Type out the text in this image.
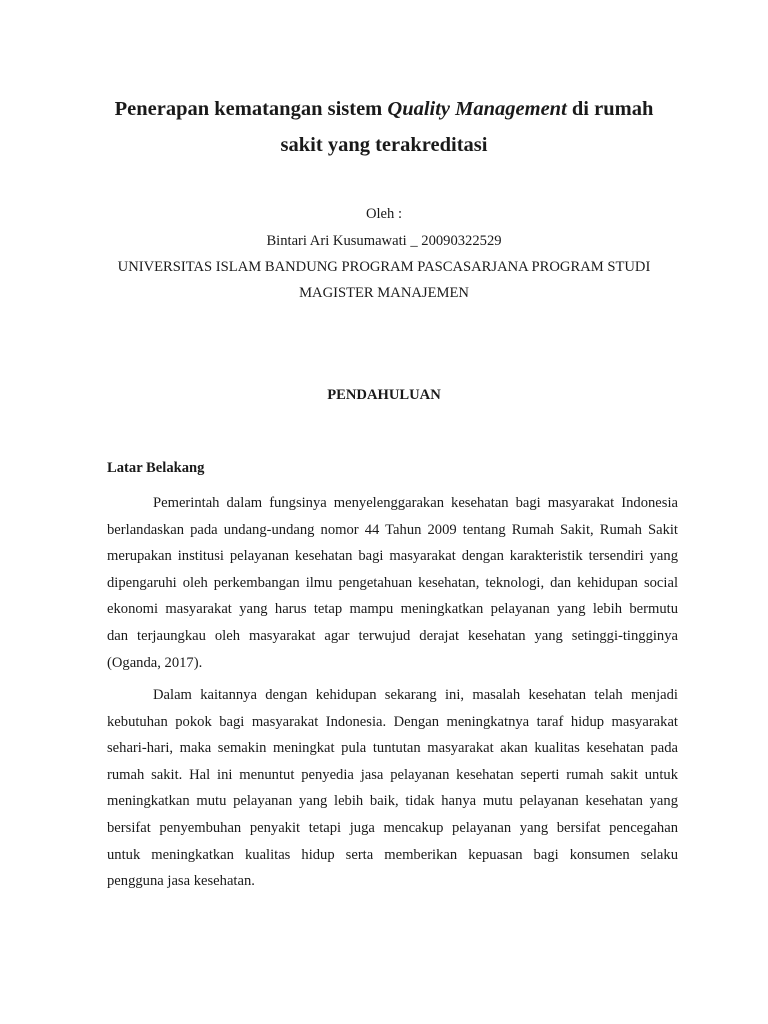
Penerapan kematangan sistem Quality Management di rumah
sakit yang terakreditasi

Oleh :

Bintari Ari Kusumawati _ 20090322529

UNIVERSITAS ISLAM BANDUNG PROGRAM PASCASARJANA PROGRAM STUDI

MAGISTER MANAJEMEN

PENDAHULUAN
Latar Belakang
Pemerintah dalam fungsinya menyelenggarakan kesehatan bagi masyarakat Indonesia
berlandaskan pada undang-undang nomor 44 Tahun 2009 tentang Rumah Sakit, Rumah Sakit
merupakan institusi pelayanan kesehatan bagi masyarakat dengan karakteristik tersendiri yang
dipengaruhi oleh perkembangan ilmu pengetahuan kesehatan, teknologi, dan kehidupan social
ekonomi masyarakat yang harus tetap mampu meningkatkan pelayanan yang lebih bermutu
dan terjaungkau oleh masyarakat agar terwujud derajat kesehatan yang setinggi-tingginya
(Oganda, 2017).
Dalam kaitannya dengan kehidupan sekarang ini, masalah kesehatan telah menjadi
kebutuhan pokok bagi masyarakat Indonesia. Dengan meningkatnya taraf hidup masyarakat
sehari-hari, maka semakin meningkat pula tuntutan masyarakat akan kualitas kesehatan pada
rumah sakit. Hal ini menuntut penyedia jasa pelayanan kesehatan seperti rumah sakit untuk
meningkatkan mutu pelayanan yang lebih baik, tidak hanya mutu pelayanan kesehatan yang
bersifat penyembuhan penyakit tetapi juga mencakup pelayanan yang bersifat pencegahan
untuk meningkatkan kualitas hidup serta memberikan kepuasan bagi konsumen selaku
pengguna jasa kesehatan.
